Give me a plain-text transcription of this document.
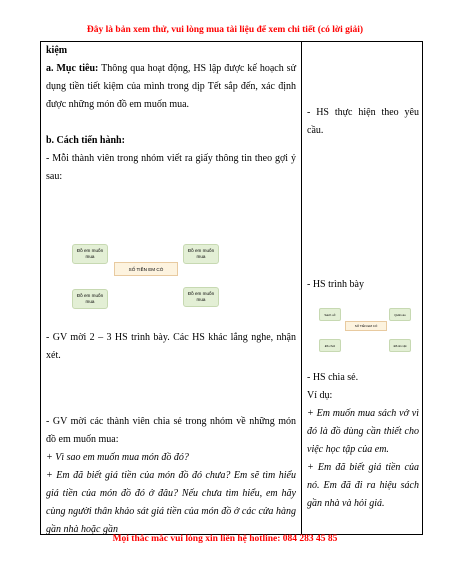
Đây là bản xem thử, vui lòng mua tài liệu để xem chi tiết (có lời giải)
kiệm
a. Mục tiêu: Thông qua hoạt động, HS lập được kế hoạch sử dụng tiền tiết kiệm của mình trong dịp Tết sắp đến, xác định được những món đồ em muốn mua.
b. Cách tiến hành:
- Mỗi thành viên trong nhóm viết ra giấy thông tin theo gợi ý sau:
Đồ em muốn mua
Đồ em muốn mua
SỐ TIỀN EM CÓ
Đồ em muốn mua
Đồ em muốn mua
- GV mời 2 – 3 HS trình bày. Các HS khác lắng nghe, nhận xét.
- GV mời các thành viên chia sẻ trong nhóm về những món đồ em muốn mua:
+ Vì sao em muốn mua món đồ đó?
+ Em đã biết giá tiền của món đồ đó chưa? Em sẽ tìm hiểu giá tiền của món đồ đó ở đâu? Nếu chưa tìm hiểu, em hãy cùng người thân khảo sát giá tiền của món đồ ở các cửa hàng gần nhà hoặc gần
- HS thực hiện theo yêu cầu.
- HS trình bày
Sách vở	Quần áo
SỐ TIỀN EM CÓ
Đồ chơi	Đồ ăn vặt
- HS chia sẻ.
Ví dụ:
+ Em muốn mua sách vở vì đó là đồ dùng cần thiết cho việc học tập của em.
+ Em đã biết giá tiền của nó. Em đã đi ra hiệu sách gần nhà và hỏi giá.
Mọi thắc mắc vui lòng xin liên hệ hotline: 084 283 45 85
